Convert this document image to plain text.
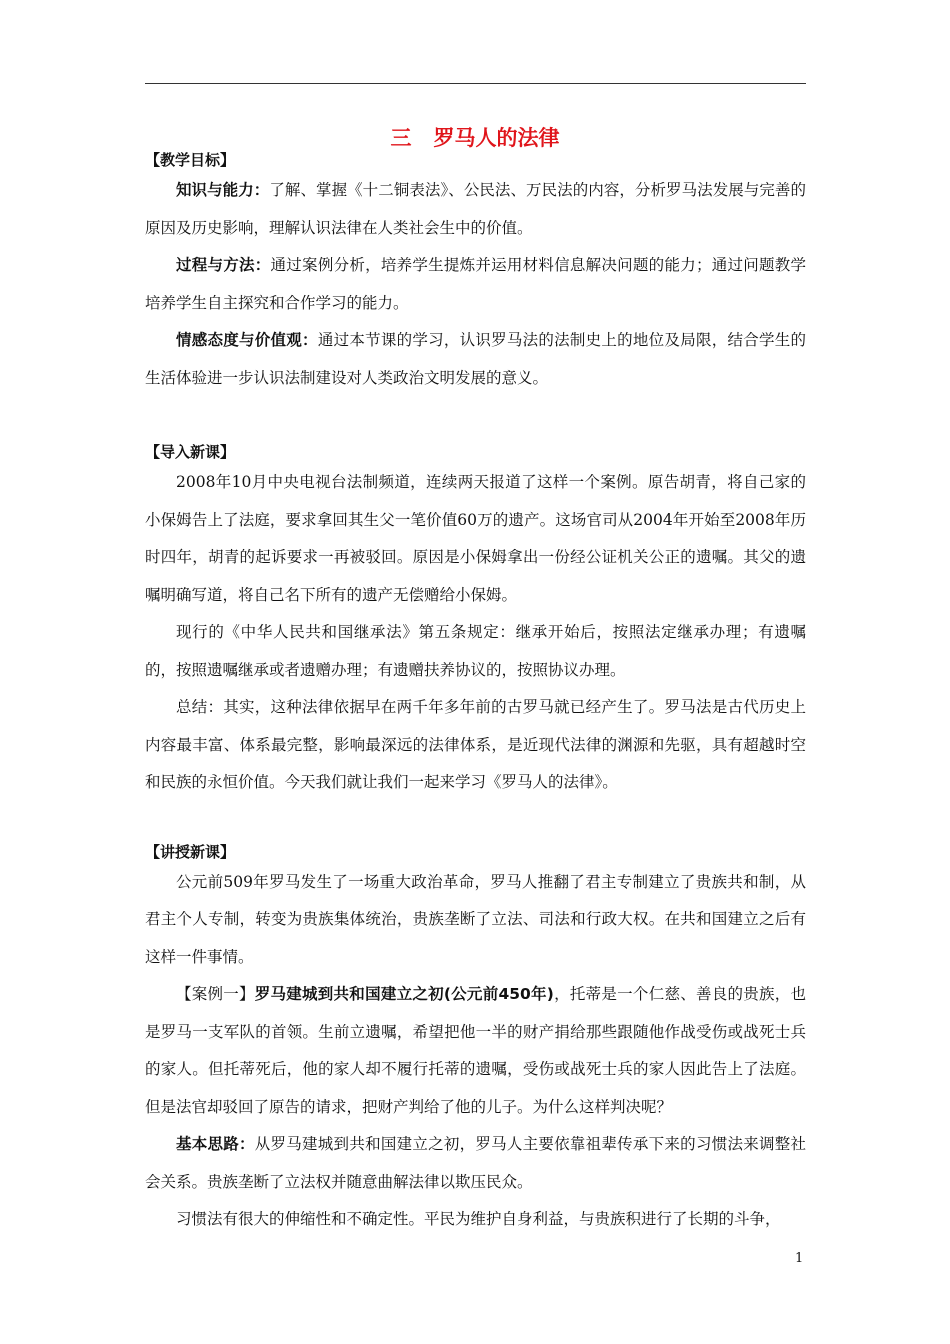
三 罗马人的法律

【教学目标】

知识与能力：了解、掌握《十二铜表法》、公民法、万民法的内容，分析罗马法发展与完善的原因及历史影响，理解认识法律在人类社会生中的价值。

过程与方法：通过案例分析，培养学生提炼并运用材料信息解决问题的能力；通过问题教学培养学生自主探究和合作学习的能力。

情感态度与价值观：通过本节课的学习，认识罗马法的法制史上的地位及局限，结合学生的生活体验进一步认识法制建设对人类政治文明发展的意义。

【导入新课】

2008年10月中央电视台法制频道，连续两天报道了这样一个案例。原告胡青，将自己家的小保姆告上了法庭，要求拿回其生父一笔价值60万的遗产。这场官司从2004年开始至2008年历时四年，胡青的起诉要求一再被驳回。原因是小保姆拿出一份经公证机关公正的遗嘱。其父的遗嘱明确写道，将自己名下所有的遗产无偿赠给小保姆。

现行的《中华人民共和国继承法》第五条规定：继承开始后，按照法定继承办理；有遗嘱的，按照遗嘱继承或者遗赠办理；有遗赠扶养协议的，按照协议办理。

总结：其实，这种法律依据早在两千年多年前的古罗马就已经产生了。罗马法是古代历史上内容最丰富、体系最完整，影响最深远的法律体系，是近现代法律的渊源和先驱，具有超越时空和民族的永恒价值。今天我们就让我们一起来学习《罗马人的法律》。

【讲授新课】

公元前509年罗马发生了一场重大政治革命，罗马人推翻了君主专制建立了贵族共和制，从君主个人专制，转变为贵族集体统治，贵族垄断了立法、司法和行政大权。在共和国建立之后有这样一件事情。

【案例一】罗马建城到共和国建立之初(公元前450年)，托蒂是一个仁慈、善良的贵族，也是罗马一支军队的首领。生前立遗嘱，希望把他一半的财产捐给那些跟随他作战受伤或战死士兵的家人。但托蒂死后，他的家人却不履行托蒂的遗嘱，受伤或战死士兵的家人因此告上了法庭。但是法官却驳回了原告的请求，把财产判给了他的儿子。为什么这样判决呢？

基本思路：从罗马建城到共和国建立之初，罗马人主要依靠祖辈传承下来的习惯法来调整社会关系。贵族垄断了立法权并随意曲解法律以欺压民众。

习惯法有很大的伸缩性和不确定性。平民为维护自身利益，与贵族积进行了长期的斗争，

1
